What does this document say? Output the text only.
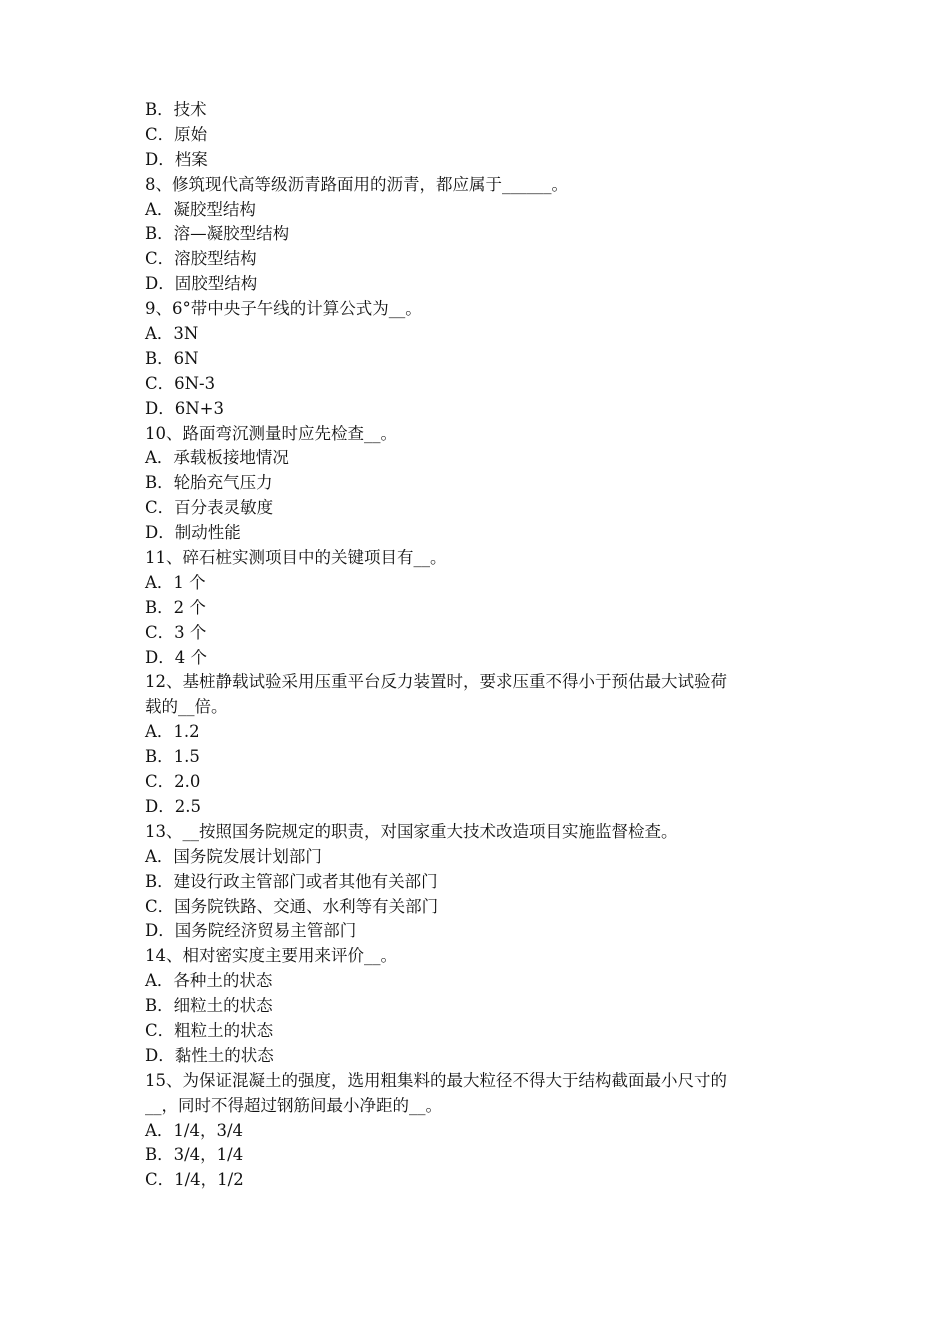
B．技术
C．原始
D．档案
8、修筑现代高等级沥青路面用的沥青，都应属于______。
A．凝胶型结构
B．溶—凝胶型结构
C．溶胶型结构
D．固胶型结构
9、6°带中央子午线的计算公式为__。
A．3N
B．6N
C．6N-3
D．6N+3
10、路面弯沉测量时应先检查__。
A．承载板接地情况
B．轮胎充气压力
C．百分表灵敏度
D．制动性能
11、碎石桩实测项目中的关键项目有__。
A．1 个
B．2 个
C．3 个
D．4 个
12、基桩静载试验采用压重平台反力装置时，要求压重不得小于预估最大试验荷
载的__倍。
A．1.2
B．1.5
C．2.0
D．2.5
13、__按照国务院规定的职责，对国家重大技术改造项目实施监督检查。
A．国务院发展计划部门
B．建设行政主管部门或者其他有关部门
C．国务院铁路、交通、水利等有关部门
D．国务院经济贸易主管部门
14、相对密实度主要用来评价__。
A．各种土的状态
B．细粒土的状态
C．粗粒土的状态
D．黏性土的状态
15、为保证混凝土的强度，选用粗集料的最大粒径不得大于结构截面最小尺寸的
__，同时不得超过钢筋间最小净距的__。
A．1/4，3/4
B．3/4，1/4
C．1/4，1/2
